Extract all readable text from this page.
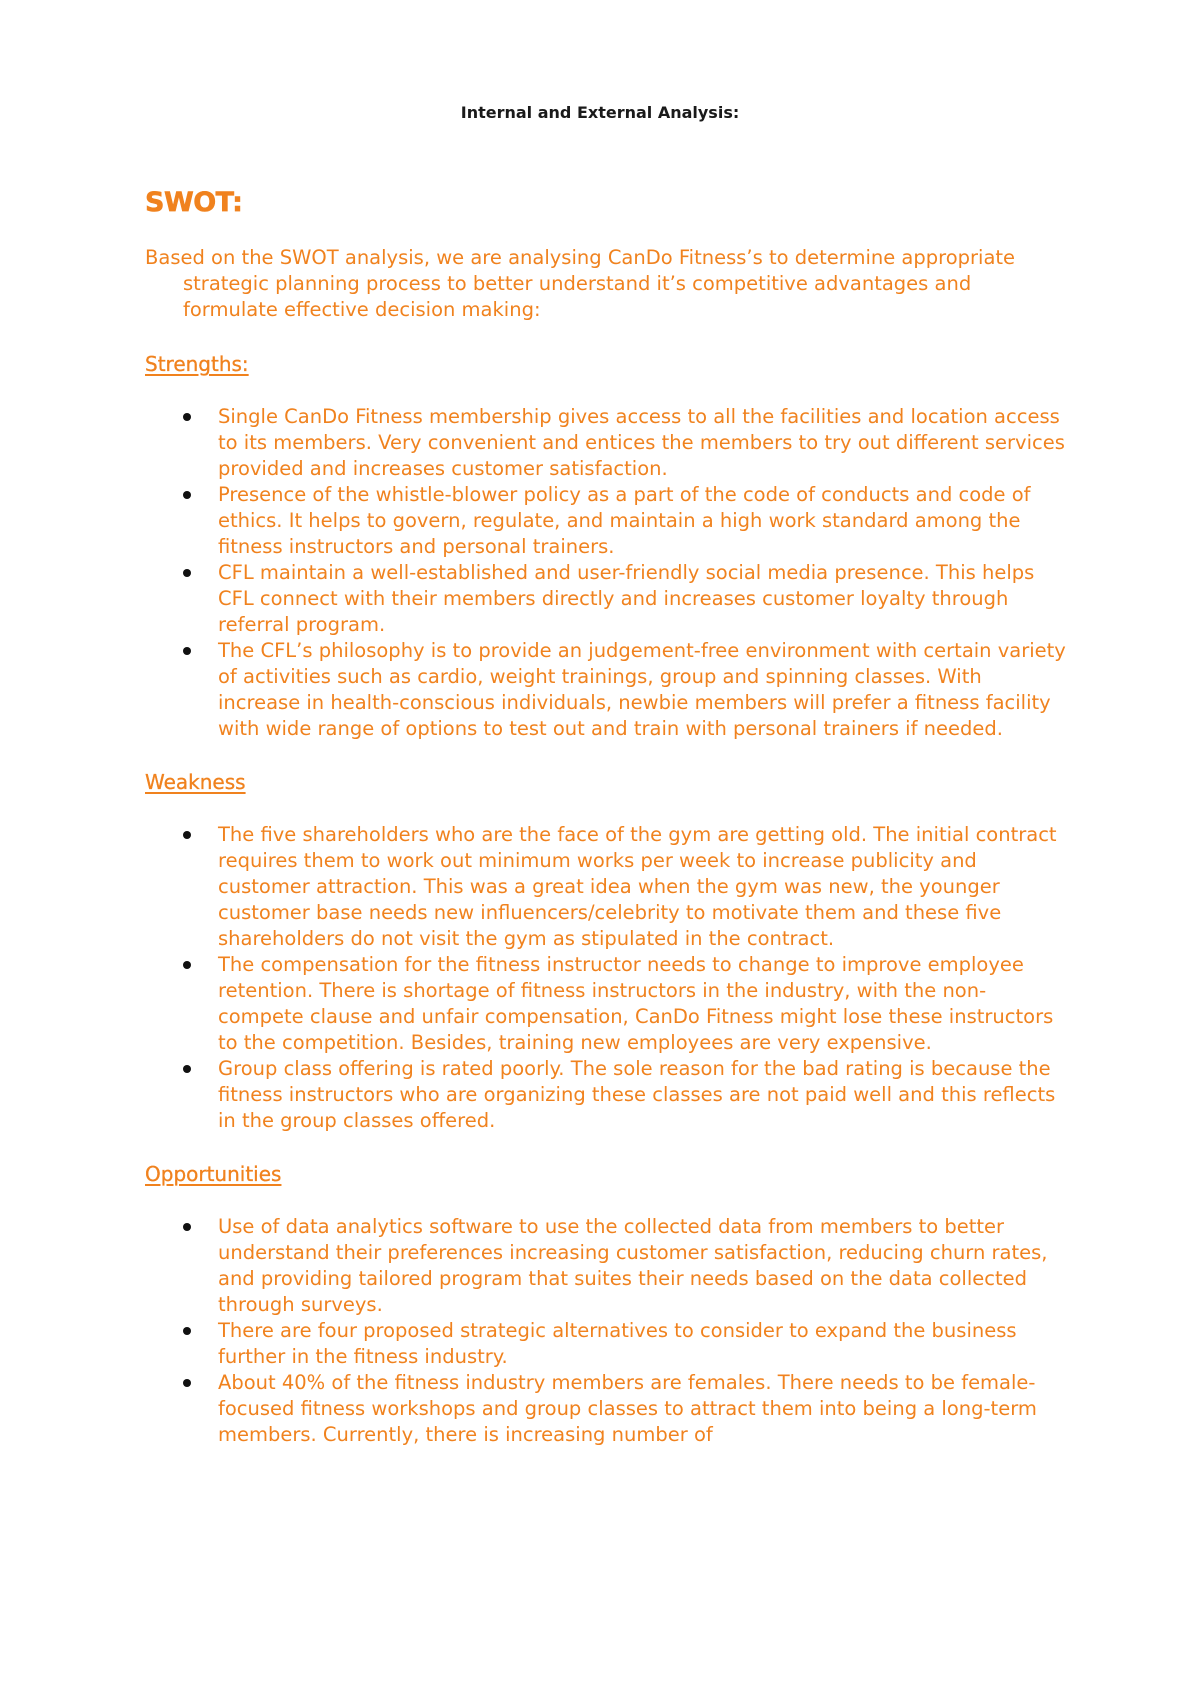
Internal and External Analysis:
SWOT:

Based on the SWOT analysis, we are analysing CanDo Fitness’s to determine appropriate strategic planning process to better understand it’s competitive advantages and formulate effective decision making:

Strengths:

Single CanDo Fitness membership gives access to all the facilities and location access to its members. Very convenient and entices the members to try out different services provided and increases customer satisfaction.
Presence of the whistle-blower policy as a part of the code of conducts and code of ethics. It helps to govern, regulate, and maintain a high work standard among the fitness instructors and personal trainers.
CFL maintain a well-established and user-friendly social media presence. This helps CFL connect with their members directly and increases customer loyalty through referral program.
The CFL’s philosophy is to provide an judgement-free environment with certain variety of activities such as cardio, weight trainings, group and spinning classes. With increase in health-conscious individuals, newbie members will prefer a fitness facility with wide range of options to test out and train with personal trainers if needed.

Weakness

The five shareholders who are the face of the gym are getting old. The initial contract requires them to work out minimum works per week to increase publicity and customer attraction. This was a great idea when the gym was new, the younger customer base needs new influencers/celebrity to motivate them and these five shareholders do not visit the gym as stipulated in the contract.
The compensation for the fitness instructor needs to change to improve employee retention. There is shortage of fitness instructors in the industry, with the non-compete clause and unfair compensation, CanDo Fitness might lose these instructors to the competition. Besides, training new employees are very expensive.
Group class offering is rated poorly. The sole reason for the bad rating is because the fitness instructors who are organizing these classes are not paid well and this reflects in the group classes offered.

Opportunities

Use of data analytics software to use the collected data from members to better understand their preferences increasing customer satisfaction, reducing churn rates, and providing tailored program that suites their needs based on the data collected through surveys.
There are four proposed strategic alternatives to consider to expand the business further in the fitness industry.
About 40% of the fitness industry members are females. There needs to be female-focused fitness workshops and group classes to attract them into being a long-term members. Currently, there is increasing number of
